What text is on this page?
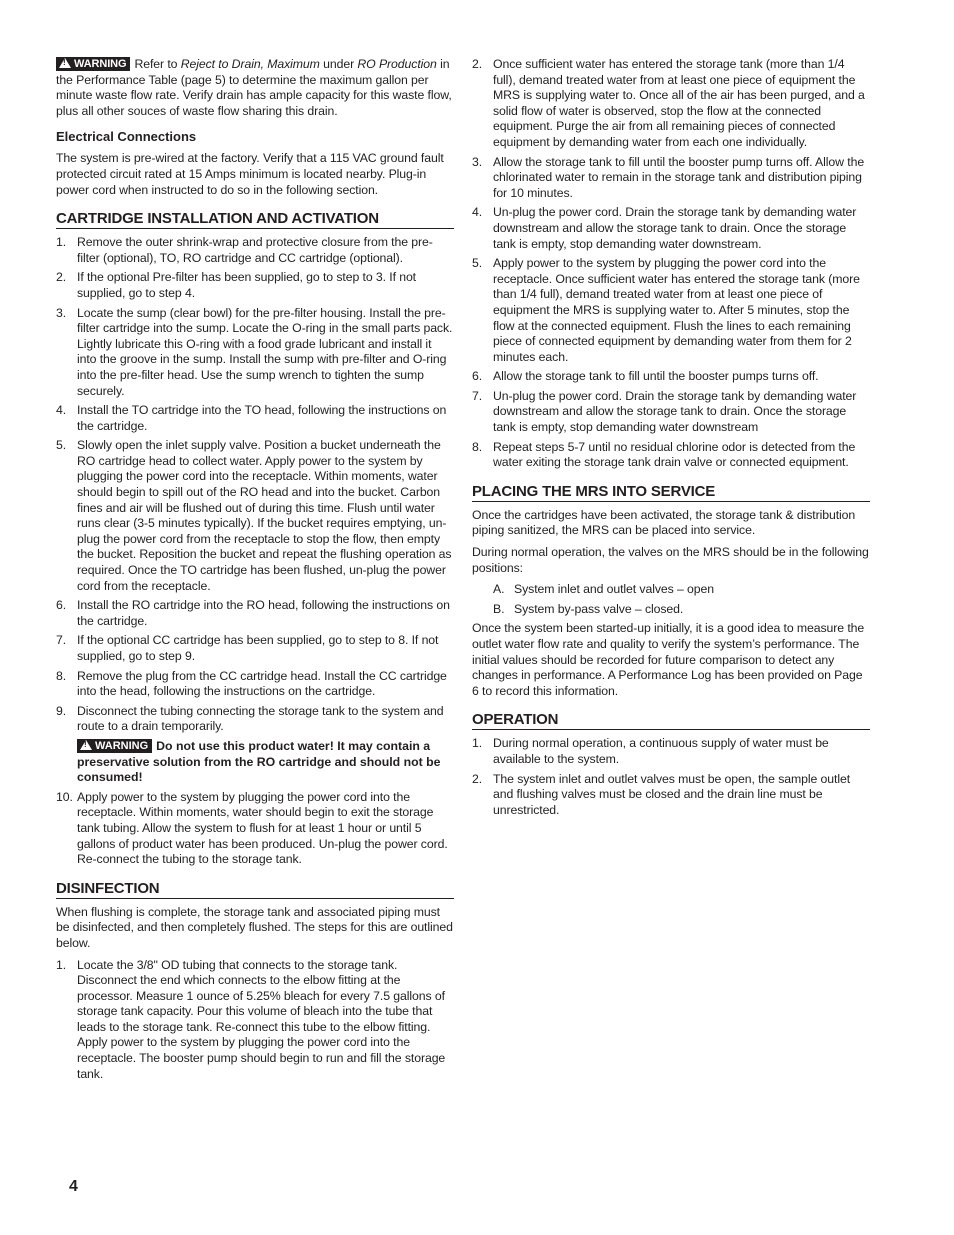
!WARNING Refer to Reject to Drain, Maximum under RO Production in the Performance Table (page 5) to determine the maximum gallon per minute waste flow rate. Verify drain has ample capacity for this waste flow, plus all other souces of waste flow sharing this drain.

Electrical Connections

The system is pre-wired at the factory. Verify that a 115 VAC ground fault protected circuit rated at 15 Amps minimum is located nearby. Plug-in power cord when instructed to do so in the following section.

CARTRIDGE INSTALLATION AND ACTIVATION
1. Remove the outer shrink-wrap and protective closure from the pre-filter (optional), TO, RO cartridge and CC cartridge (optional).
2. If the optional Pre-filter has been supplied, go to step to 3. If not supplied, go to step 4.
3. Locate the sump (clear bowl) for the pre-filter housing. Install the pre-filter cartridge into the sump. Locate the O-ring in the small parts pack. Lightly lubricate this O-ring with a food grade lubricant and install it into the groove in the sump. Install the sump with pre-filter and O-ring into the pre-filter head. Use the sump wrench to tighten the sump securely.
4. Install the TO cartridge into the TO head, following the instructions on the cartridge.
5. Slowly open the inlet supply valve. Position a bucket underneath the RO cartridge head to collect water. Apply power to the system by plugging the power cord into the receptacle. Within moments, water should begin to spill out of the RO head and into the bucket. Carbon fines and air will be flushed out of during this time. Flush until water runs clear (3-5 minutes typically). If the bucket requires emptying, un-plug the power cord from the receptacle to stop the flow, then empty the bucket. Reposition the bucket and repeat the flushing operation as required. Once the TO cartridge has been flushed, un-plug the power cord from the receptacle.
6. Install the RO cartridge into the RO head, following the instructions on the cartridge.
7. If the optional CC cartridge has been supplied, go to step to 8. If not supplied, go to step 9.
8. Remove the plug from the CC cartridge head. Install the CC cartridge into the head, following the instructions on the cartridge.
9. Disconnect the tubing connecting the storage tank to the system and route to a drain temporarily.
!WARNING Do not use this product water! It may contain a preservative solution from the RO cartridge and should not be consumed!
10. Apply power to the system by plugging the power cord into the receptacle. Within moments, water should begin to exit the storage tank tubing. Allow the system to flush for at least 1 hour or until 5 gallons of product water has been produced. Un-plug the power cord. Re-connect the tubing to the storage tank.
DISINFECTION

When flushing is complete, the storage tank and associated piping must be disinfected, and then completely flushed. The steps for this are outlined below.

1. Locate the 3/8" OD tubing that connects to the storage tank. Disconnect the end which connects to the elbow fitting at the processor. Measure 1 ounce of 5.25% bleach for every 7.5 gallons of storage tank capacity. Pour this volume of bleach into the tube that leads to the storage tank. Re-connect this tube to the elbow fitting. Apply power to the system by plugging the power cord into the receptacle. The booster pump should begin to run and fill the storage tank.
2. Once sufficient water has entered the storage tank (more than 1/4 full), demand treated water from at least one piece of equipment the MRS is supplying water to. Once all of the air has been purged, and a solid flow of water is observed, stop the flow at the connected equipment. Purge the air from all remaining pieces of connected equipment by demanding water from each one individually.
3. Allow the storage tank to fill until the booster pump turns off. Allow the chlorinated water to remain in the storage tank and distribution piping for 10 minutes.
4. Un-plug the power cord. Drain the storage tank by demanding water downstream and allow the storage tank to drain. Once the storage tank is empty, stop demanding water downstream.
5. Apply power to the system by plugging the power cord into the receptacle. Once sufficient water has entered the storage tank (more than 1/4 full), demand treated water from at least one piece of equipment the MRS is supplying water to. After 5 minutes, stop the flow at the connected equipment. Flush the lines to each remaining piece of connected equipment by demanding water from them for 2 minutes each.
6. Allow the storage tank to fill until the booster pumps turns off.
7. Un-plug the power cord. Drain the storage tank by demanding water downstream and allow the storage tank to drain. Once the storage tank is empty, stop demanding water downstream
8. Repeat steps 5-7 until no residual chlorine odor is detected from the water exiting the storage tank drain valve or connected equipment.
PLACING THE MRS INTO SERVICE

Once the cartridges have been activated, the storage tank & distribution piping sanitized, the MRS can be placed into service.

During normal operation, the valves on the MRS should be in the following positions:

A. System inlet and outlet valves – open
B. System by-pass valve – closed.

Once the system been started-up initially, it is a good idea to measure the outlet water flow rate and quality to verify the system’s performance. The initial values should be recorded for future comparison to detect any changes in performance. A Performance Log has been provided on Page 6 to record this information.

OPERATION
1. During normal operation, a continuous supply of water must be available to the system.
2. The system inlet and outlet valves must be open, the sample outlet and flushing valves must be closed and the drain line must be unrestricted.
4
